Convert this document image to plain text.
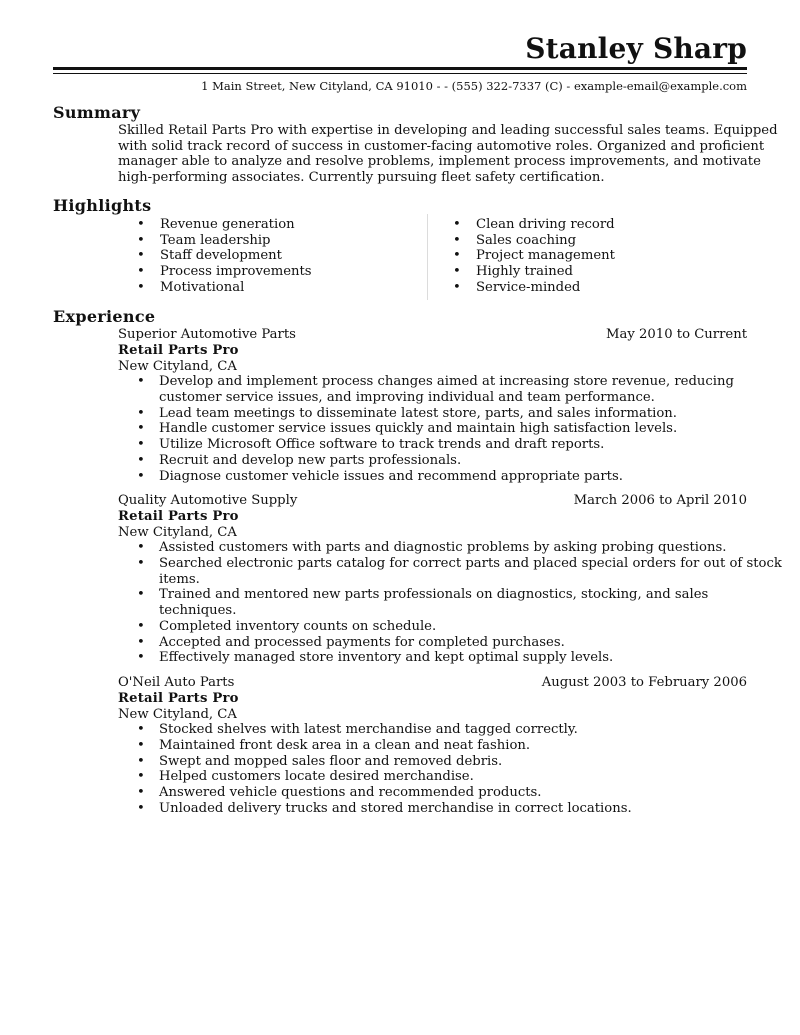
Stanley Sharp
1 Main Street, New Cityland, CA 91010 - - (555) 322-7337 (C) - example-email@example.com
Summary
Skilled Retail Parts Pro with expertise in developing and leading successful sales teams. Equipped
with solid track record of success in customer-facing automotive roles. Organized and proficient
manager able to analyze and resolve problems, implement process improvements, and motivate
high-performing associates. Currently pursuing fleet safety certification.
Highlights
• Revenue generation
• Team leadership
• Staff development
• Process improvements
• Motivational
• Clean driving record
• Sales coaching
• Project management
• Highly trained
• Service-minded
Experience
Superior Automotive Parts	May 2010 to Current
Retail Parts Pro
New Cityland, CA
• Develop and implement process changes aimed at increasing store revenue, reducing
customer service issues, and improving individual and team performance.
• Lead team meetings to disseminate latest store, parts, and sales information.
• Handle customer service issues quickly and maintain high satisfaction levels.
• Utilize Microsoft Office software to track trends and draft reports.
• Recruit and develop new parts professionals.
• Diagnose customer vehicle issues and recommend appropriate parts.
Quality Automotive Supply	March 2006 to April 2010
Retail Parts Pro
New Cityland, CA
• Assisted customers with parts and diagnostic problems by asking probing questions.
• Searched electronic parts catalog for correct parts and placed special orders for out of stock
items.
• Trained and mentored new parts professionals on diagnostics, stocking, and sales
techniques.
• Completed inventory counts on schedule.
• Accepted and processed payments for completed purchases.
• Effectively managed store inventory and kept optimal supply levels.
O'Neil Auto Parts	August 2003 to February 2006
Retail Parts Pro
New Cityland, CA
• Stocked shelves with latest merchandise and tagged correctly.
• Maintained front desk area in a clean and neat fashion.
• Swept and mopped sales floor and removed debris.
• Helped customers locate desired merchandise.
• Answered vehicle questions and recommended products.
• Unloaded delivery trucks and stored merchandise in correct locations.
